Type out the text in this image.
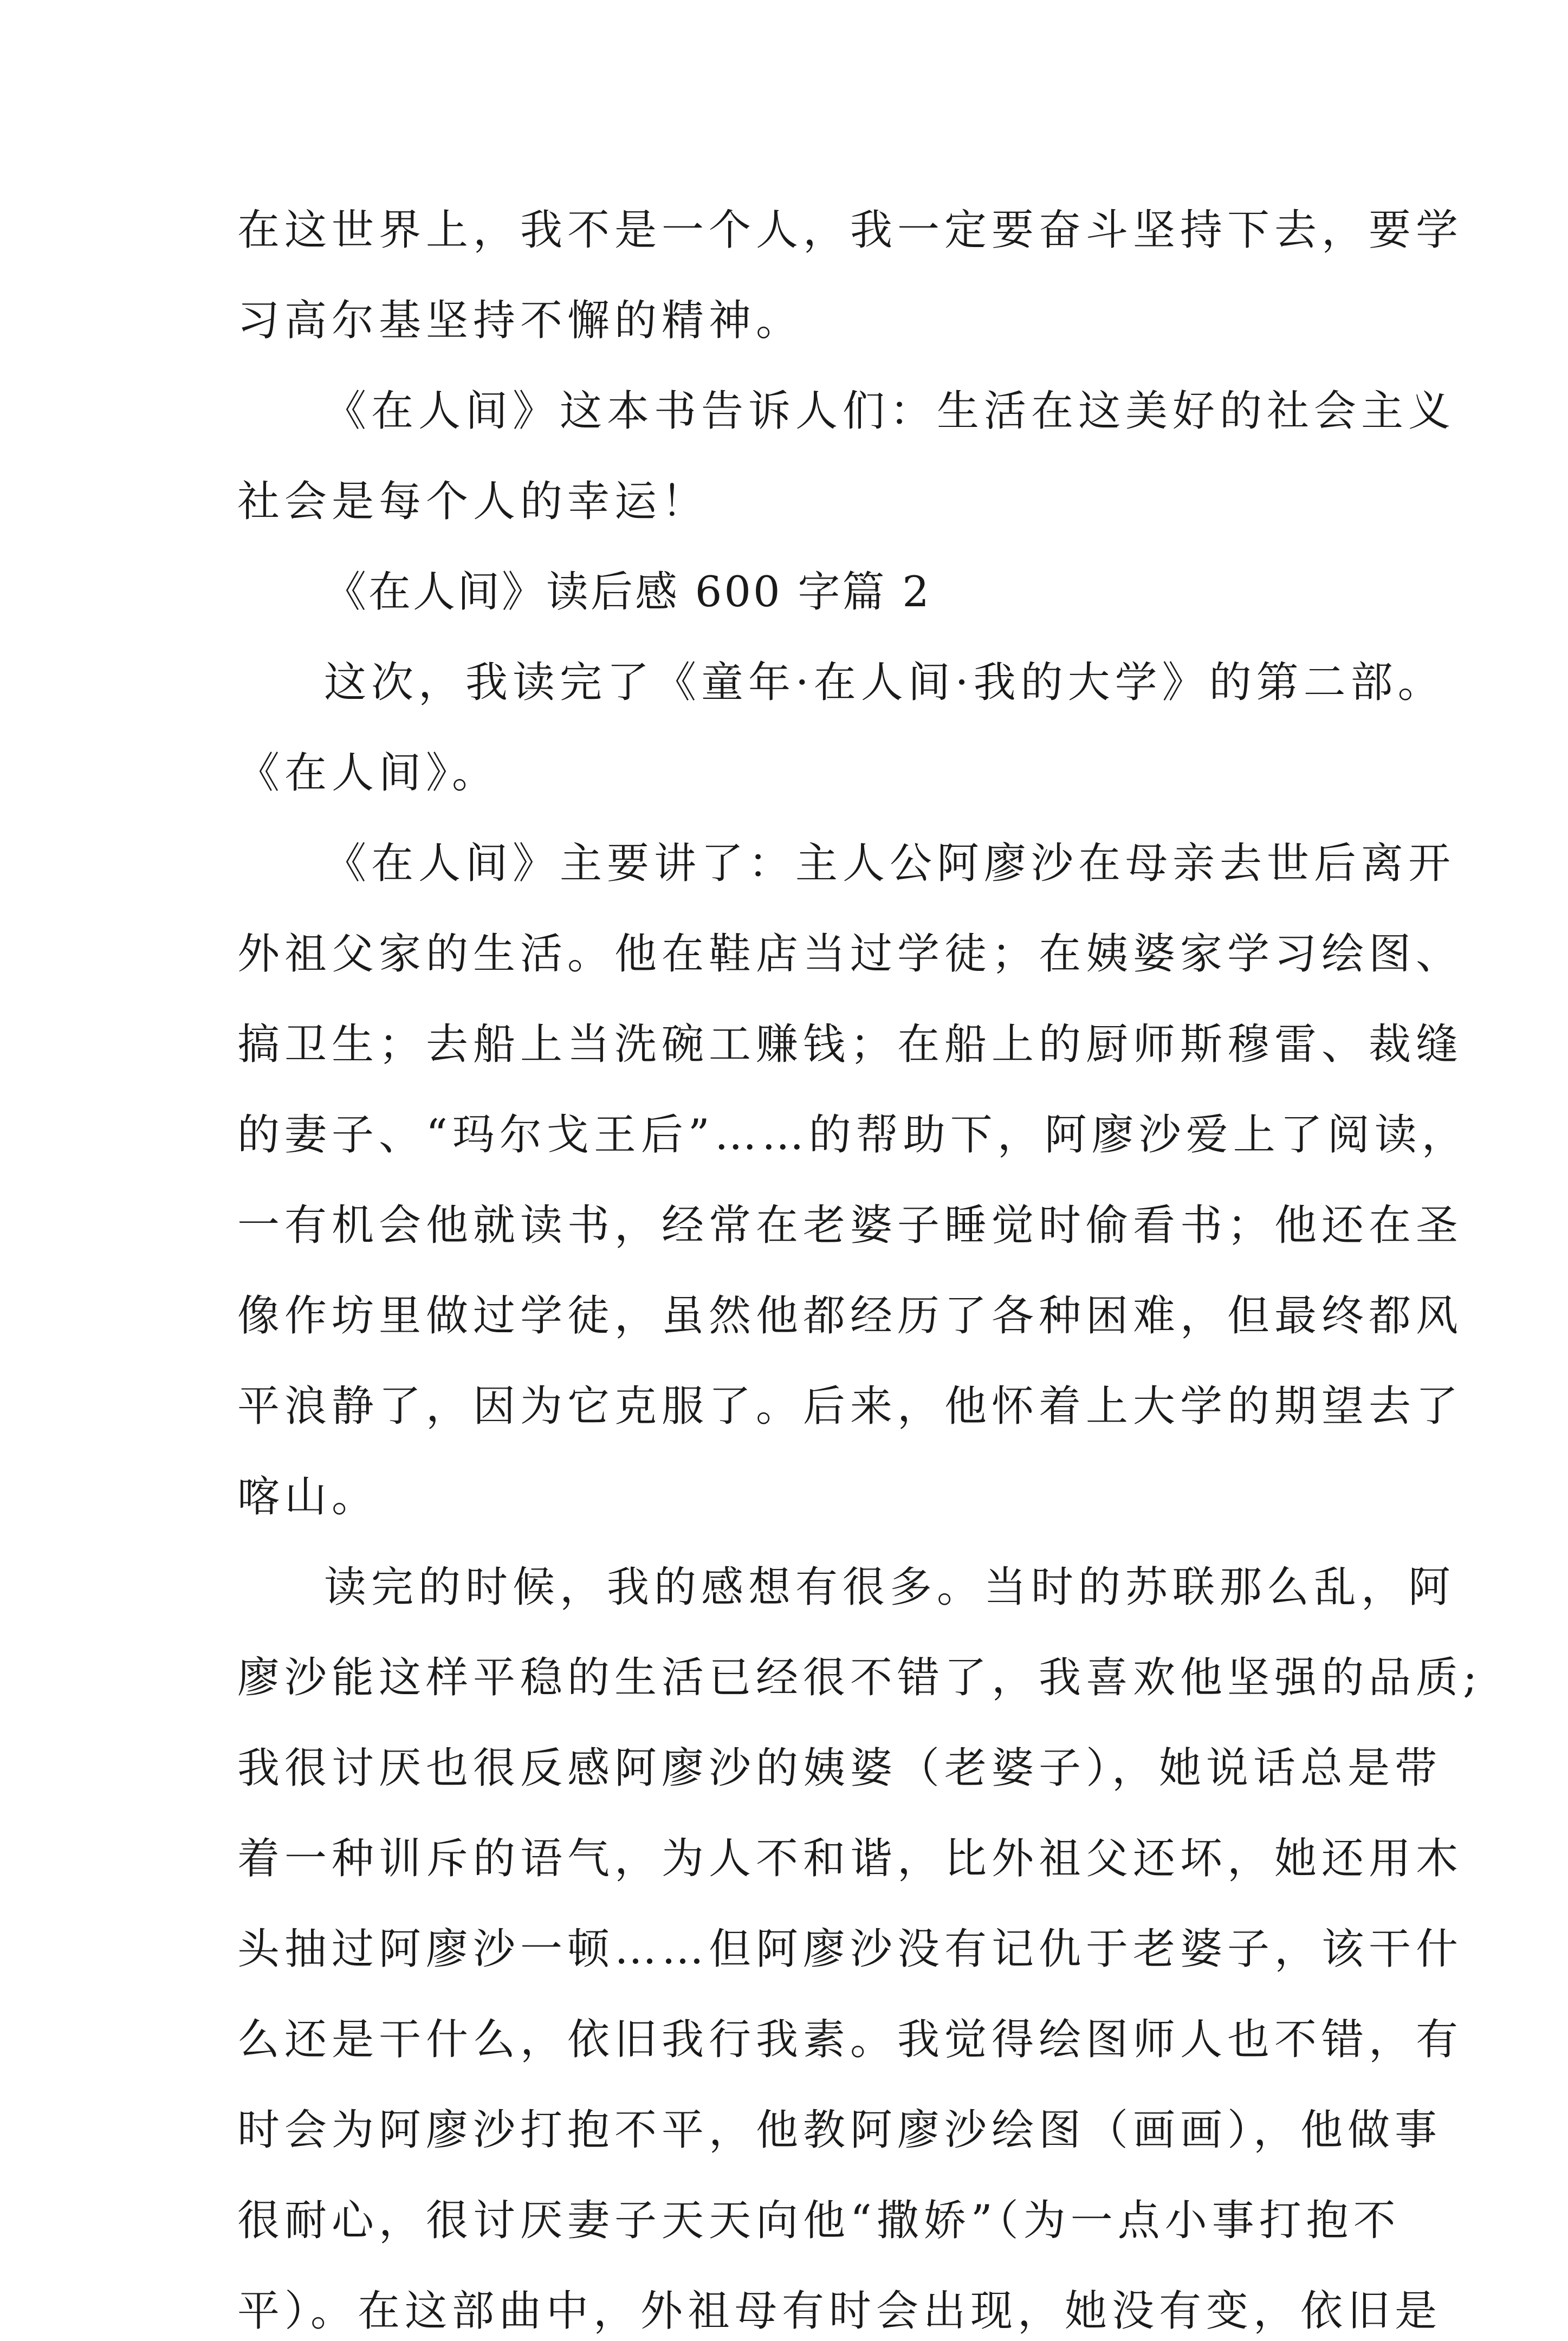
在这世界上，我不是一个人，我一定要奋斗坚持下去，要学
习高尔基坚持不懈的精神。
《在人间》这本书告诉人们：生活在这美好的社会主义
社会是每个人的幸运！
《在人间》读后感 600 字篇 2
这次，我读完了《童年·在人间·我的大学》的第二部。
《在人间》。
《在人间》主要讲了：主人公阿廖沙在母亲去世后离开
外祖父家的生活。他在鞋店当过学徒；在姨婆家学习绘图、
搞卫生；去船上当洗碗工赚钱；在船上的厨师斯穆雷、裁缝
的妻子、“玛尔戈王后”……的帮助下，阿廖沙爱上了阅读，
一有机会他就读书，经常在老婆子睡觉时偷看书；他还在圣
像作坊里做过学徒，虽然他都经历了各种困难，但最终都风
平浪静了，因为它克服了。后来，他怀着上大学的期望去了
喀山。
读完的时候，我的感想有很多。当时的苏联那么乱，阿
廖沙能这样平稳的生活已经很不错了，我喜欢他坚强的品质;
我很讨厌也很反感阿廖沙的姨婆（老婆子），她说话总是带
着一种训斥的语气，为人不和谐，比外祖父还坏，她还用木
头抽过阿廖沙一顿……但阿廖沙没有记仇于老婆子，该干什
么还是干什么，依旧我行我素。我觉得绘图师人也不错，有
时会为阿廖沙打抱不平，他教阿廖沙绘图（画画），他做事
很耐心，很讨厌妻子天天向他“撒娇”（为一点小事打抱不
平）。在这部曲中，外祖母有时会出现，她没有变，依旧是
